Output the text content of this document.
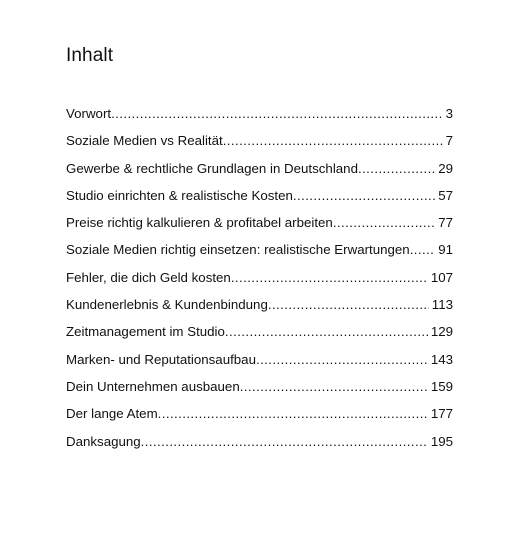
Inhalt
Vorwort .....	3
Soziale Medien vs Realität .....	7
Gewerbe & rechtliche Grundlagen in Deutschland .....	29
Studio einrichten & realistische Kosten .....	57
Preise richtig kalkulieren & profitabel arbeiten .....	77
Soziale Medien richtig einsetzen: realistische Erwartungen ..... 91
Fehler, die dich Geld kosten .....	107
Kundenerlebnis & Kundenbindung .....	113
Zeitmanagement im Studio .....	129
Marken- und Reputationsaufbau .....	143
Dein Unternehmen ausbauen .....	159
Der lange Atem .....	177
Danksagung .....	195
